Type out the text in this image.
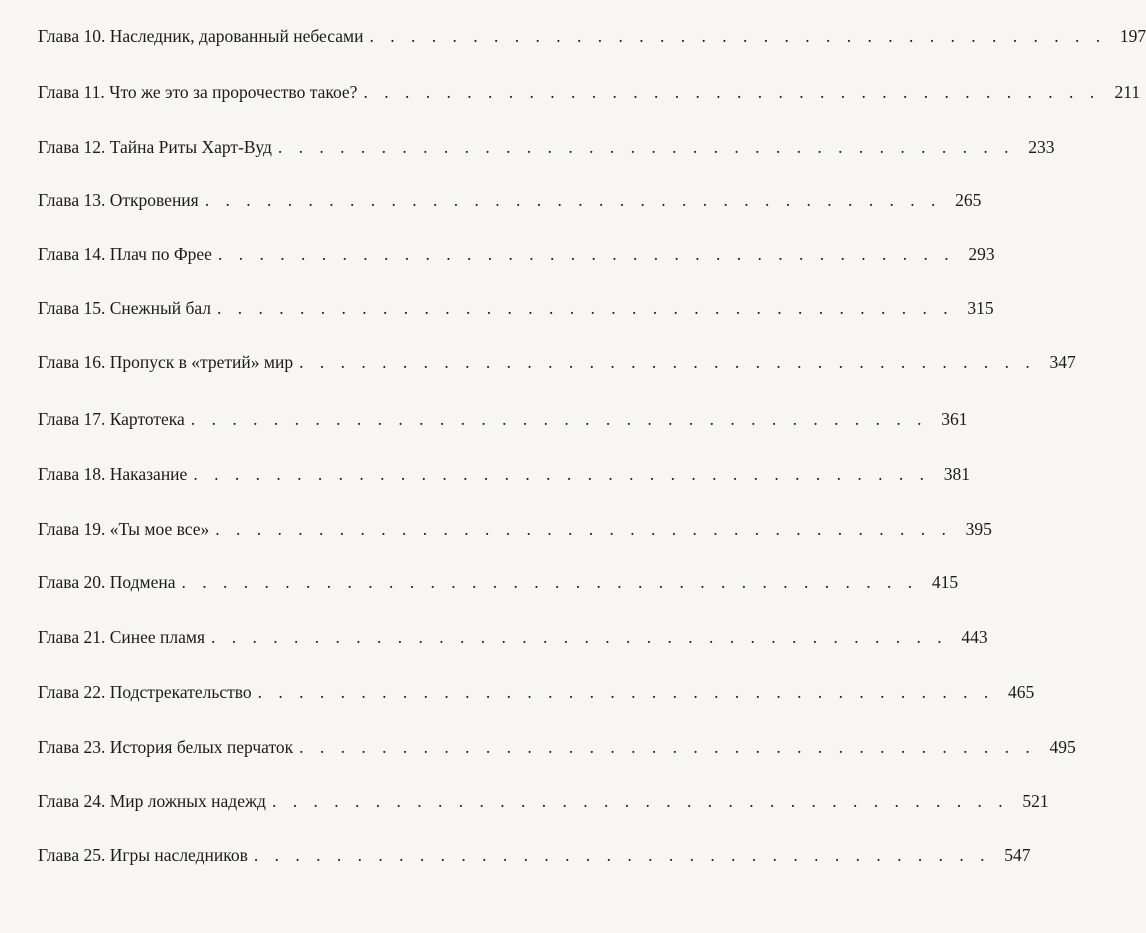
Глава 10. Наследник, дарованный небесами . . . . . . . . . . . . . . . . . . . . . . . . . . . . . . . . . . . . 197
Глава 11. Что же это за пророчество такое? . . . . . . . . . . . . . . . . . . . . . . . . . . . . . . . . . . . . 211
Глава 12. Тайна Риты Харт-Вуд . . . . . . . . . . . . . . . . . . . . . . . . . . . . . . . . . . . . 233
Глава 13. Откровения . . . . . . . . . . . . . . . . . . . . . . . . . . . . . . . . . . . . 265
Глава 14. Плач по Фрее . . . . . . . . . . . . . . . . . . . . . . . . . . . . . . . . . . . . 293
Глава 15. Снежный бал . . . . . . . . . . . . . . . . . . . . . . . . . . . . . . . . . . . . 315
Глава 16. Пропуск в «третий» мир . . . . . . . . . . . . . . . . . . . . . . . . . . . . . . . . . . . . 347
Глава 17. Картотека . . . . . . . . . . . . . . . . . . . . . . . . . . . . . . . . . . . . 361
Глава 18. Наказание . . . . . . . . . . . . . . . . . . . . . . . . . . . . . . . . . . . . 381
Глава 19. «Ты мое все» . . . . . . . . . . . . . . . . . . . . . . . . . . . . . . . . . . . . 395
Глава 20. Подмена . . . . . . . . . . . . . . . . . . . . . . . . . . . . . . . . . . . . 415
Глава 21. Синее пламя . . . . . . . . . . . . . . . . . . . . . . . . . . . . . . . . . . . . 443
Глава 22. Подстрекательство . . . . . . . . . . . . . . . . . . . . . . . . . . . . . . . . . . . . 465
Глава 23. История белых перчаток . . . . . . . . . . . . . . . . . . . . . . . . . . . . . . . . . . . . 495
Глава 24. Мир ложных надежд . . . . . . . . . . . . . . . . . . . . . . . . . . . . . . . . . . . . 521
Глава 25. Игры наследников . . . . . . . . . . . . . . . . . . . . . . . . . . . . . . . . . . . . 547
